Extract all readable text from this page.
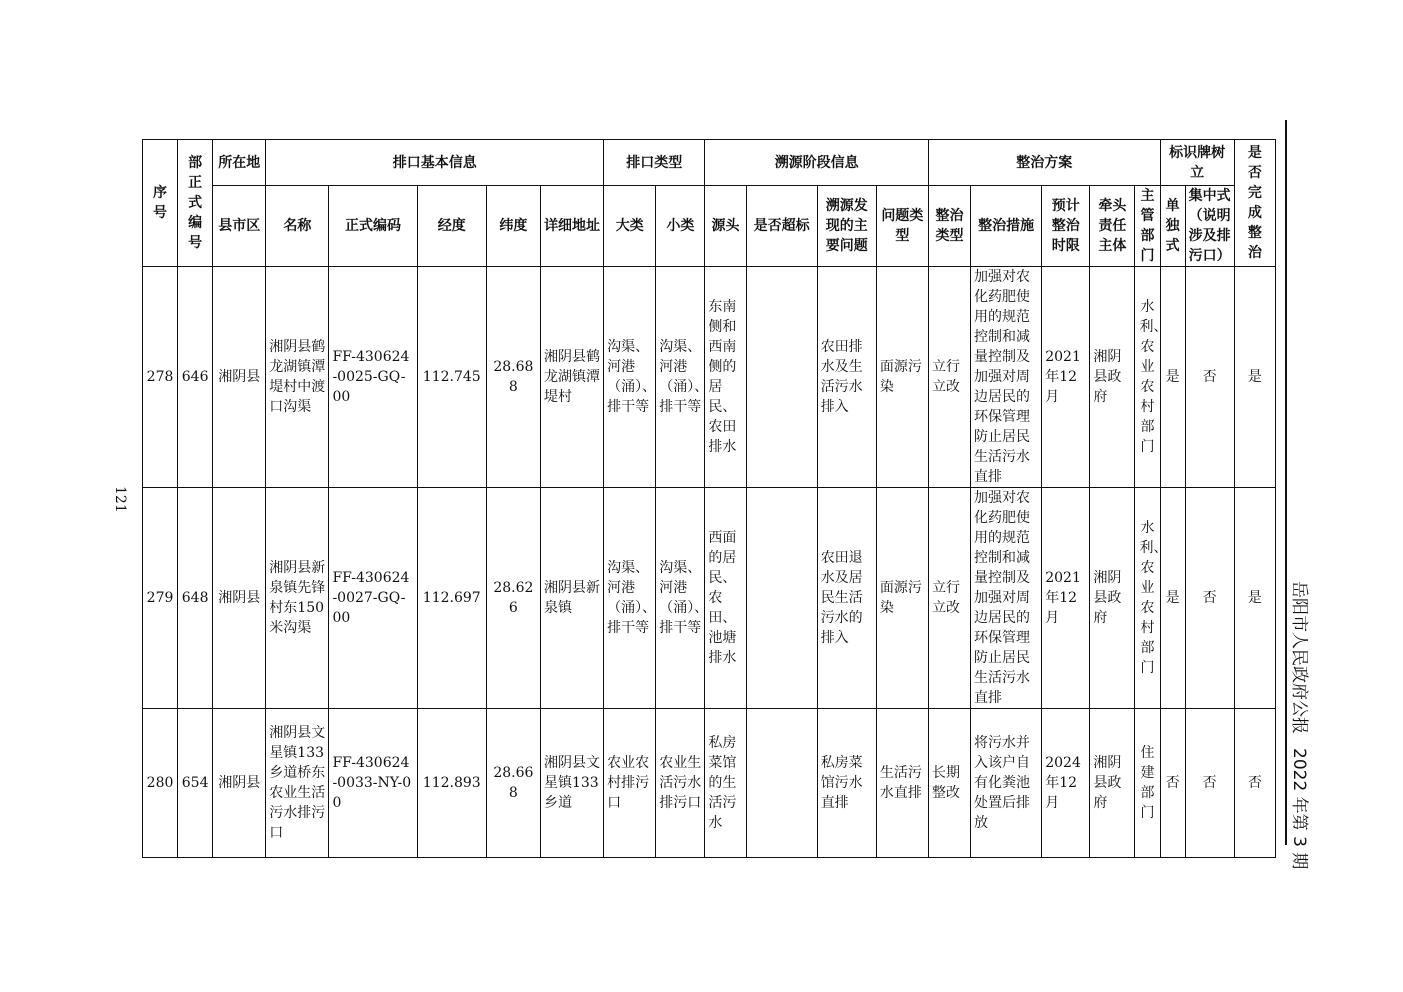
121
岳阳市人民政府公报2022 年第 3 期
序号	部正式编号	所在地	排口基本信息					排口类型		溯源阶段信息				整治方案					标识牌树立		是否完成整治
		县市区	名称	正式编码	经度	纬度	详细地址	大类	小类	源头	是否超标	溯源发现的主要问题	问题类型	整治类型	整治措施	预计整治时限	牵头责任主体	主管部门	单独式	集中式（说明涉及排污口）	
278	646	湘阴县	湘阴县鹤龙湖镇潭堤村中渡口沟渠	FF-430624-0025-GQ-00	112.745	28.688	湘阴县鹤龙湖镇潭堤村	沟渠、河港（涌）、排干等	沟渠、河港（涌）、排干等	东南侧和西南侧的居民、农田排水		农田排水及生活污水排入	面源污染	立行立改	加强对农化药肥使用的规范控制和减量控制及加强对周边居民的环保管理防止居民生活污水直排	2021年12月	湘阴县政府	水利、农业农村部门	是	否	是
279	648	湘阴县	湘阴县新泉镇先锋村东150米沟渠	FF-430624-0027-GQ-00	112.697	28.626	湘阴县新泉镇	沟渠、河港（涌）、排干等	沟渠、河港（涌）、排干等	西面的居民、农田、池塘排水		农田退水及居民生活污水的排入	面源污染	立行立改	加强对农化药肥使用的规范控制和减量控制及加强对周边居民的环保管理防止居民生活污水直排	2021年12月	湘阴县政府	水利、农业农村部门	是	否	是
280	654	湘阴县	湘阴县文星镇133乡道桥东农业生活污水排污口	FF-430624-0033-NY-00	112.893	28.668	湘阴县文星镇133乡道	农业农村排污口	农业生活污水排污口	私房菜馆的生活污水		私房菜馆污水直排	生活污水直排	长期整改	将污水并入该户自有化粪池处置后排放	2024年12月	湘阴县政府	住建部门	否	否	否
